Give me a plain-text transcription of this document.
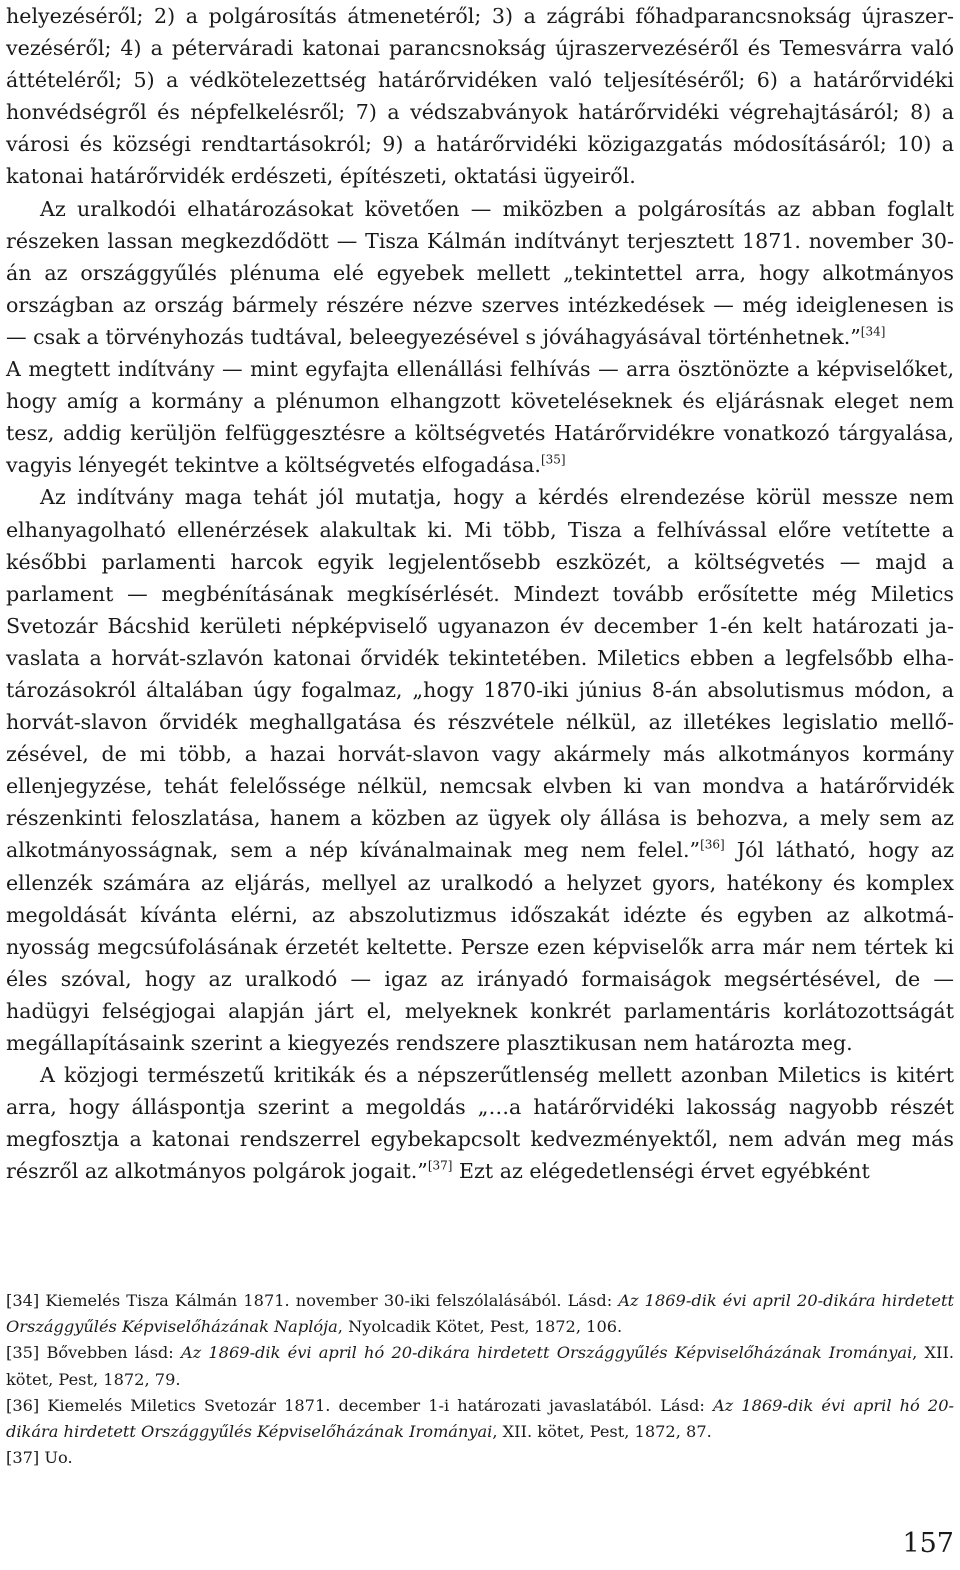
helyezéséről; 2) a polgárosítás átmenetéről; 3) a zágrábi főhadparancsnokság újraszervezéséről; 4) a péterváradi katonai parancsnokság újraszervezéséről és Temesvárra való áttételéről; 5) a védkötelezettség határőrvidéken való teljesítéséről; 6) a határőrvidéki honvédségről és népfelkelésről; 7) a védszabványok határőrvidéki végrehajtásáról; 8) a városi és községi rendtartásokról; 9) a határőrvidéki közigazgatás módosításáról; 10) a katonai határőrvidék erdészeti, építészeti, oktatási ügyeiről.

Az uralkodói elhatározásokat követően — miközben a polgárosítás az abban foglalt részeken lassan megkezdődött — Tisza Kálmán indítványt terjesztett 1871. november 30-án az országgyűlés plénuma elé egyebek mellett „tekintettel arra, hogy alkotmányos országban az ország bármely részére nézve szerves intézkedések — még ideiglenesen is — csak a törvényhozás tudtával, beleegyezésével s jóváhagyásával történhetnek.”[34]

A megtett indítvány — mint egyfajta ellenállási felhívás — arra ösztönözte a képviselőket, hogy amíg a kormány a plénumon elhangzott követeléseknek és eljárásnak eleget nem tesz, addig kerüljön felfüggesztésre a költségvetés Határőrvidékre vonatkozó tárgyalása, vagyis lényegét tekintve a költségvetés elfogadása.[35]

Az indítvány maga tehát jól mutatja, hogy a kérdés elrendezése körül messze nem elhanyagolható ellenérzések alakultak ki. Mi több, Tisza a felhívással előre vetítette a későbbi parlamenti harcok egyik legjelentősebb eszközét, a költségvetés — majd a parlament — megbénításának megkísérlését. Mindezt tovább erősítette még Miletics Svetozár Bácshid kerületi népképviselő ugyanazon év december 1-én kelt határozati javaslata a horvát-szlavón katonai őrvidék tekintetében. Miletics ebben a legfelsőbb elhatározásokról általában úgy fogalmaz, „hogy 1870-iki június 8-án absolutismus módon, a horvát-slavon őrvidék meghallgatása és részvétele nélkül, az illetékes legislatio mellőzésével, de mi több, a hazai horvát-slavon vagy akármely más alkotmányos kormány ellenjegyzése, tehát felelőssége nélkül, nemcsak elvben ki van mondva a határőrvidék részenkinti feloszlatása, hanem a közben az ügyek oly állása is behozva, a mely sem az alkotmányosságnak, sem a nép kívánalmainak meg nem felel.”[36] Jól látható, hogy az ellenzék számára az eljárás, mellyel az uralkodó a helyzet gyors, hatékony és komplex megoldását kívánta elérni, az abszolutizmus időszakát idézte és egyben az alkotmányosság megcsúfolásának érzetét keltette. Persze ezen képviselők arra már nem tértek ki éles szóval, hogy az uralkodó — igaz az irányadó formaiságok megsértésével, de — hadügyi felségjogai alapján járt el, melyeknek konkrét parlamentáris korlátozottságát megállapításaink szerint a kiegyezés rendszere plasztikusan nem határozta meg.

A közjogi természetű kritikák és a népszerűtlenség mellett azonban Miletics is kitért arra, hogy álláspontja szerint a megoldás „…a határőrvidéki lakosság nagyobb részét megfosztja a katonai rendszerrel egybekapcsolt kedvezményektől, nem adván meg más részről az alkotmányos polgárok jogait.”[37] Ezt az elégedetlenségi érvet egyébként

[34] Kiemelés Tisza Kálmán 1871. november 30-iki felszólalásából. Lásd: Az 1869-dik évi april 20-dikára hirdetett Országgyűlés Képviselőházának Naplója, Nyolcadik Kötet, Pest, 1872, 106.

[35] Bővebben lásd: Az 1869-dik évi april hó 20-dikára hirdetett Országgyűlés Képviselőházának Irományai, XII. kötet, Pest, 1872, 79.

[36] Kiemelés Miletics Svetozár 1871. december 1-i határozati javaslatából. Lásd: Az 1869-dik évi april hó 20-dikára hirdetett Országgyűlés Képviselőházának Irományai, XII. kötet, Pest, 1872, 87.

[37] Uo.

157
